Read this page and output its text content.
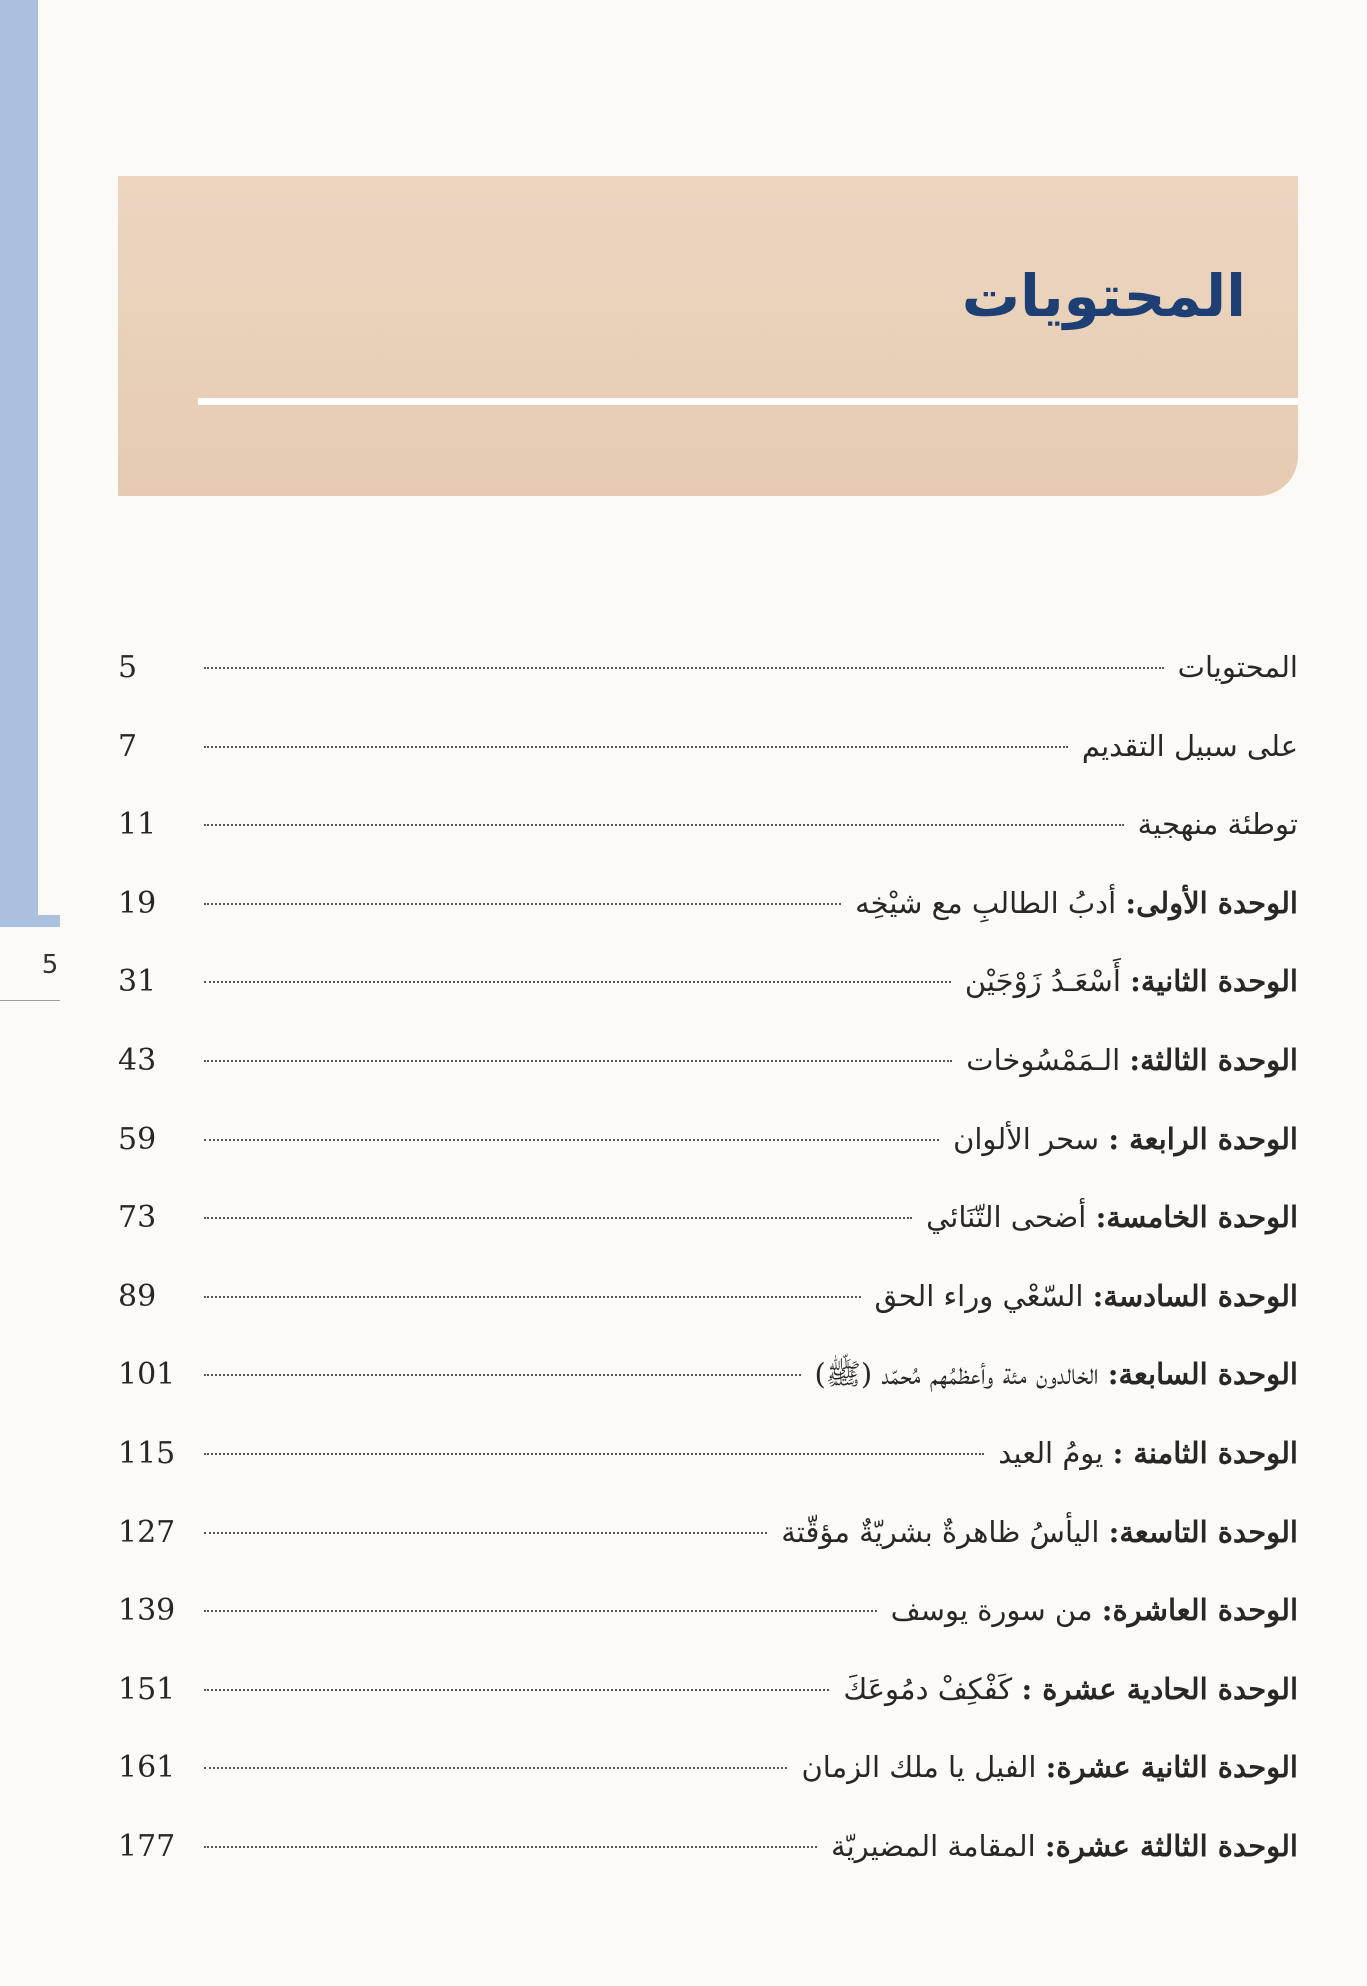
5
المحتويات
المحتويات
5
على سبيل التقديم
7
توطئة منهجية
11
الوحدة الأولى: أدبُ الطالبِ مع شيْخِه
19
الوحدة الثانية: أَسْعَـدُ زَوْجَيْن
31
الوحدة الثالثة: الـمَمْسُوخات
43
الوحدة الرابعة : سحر الألوان
59
الوحدة الخامسة: أضحى التّنَائي
73
الوحدة السادسة: السّعْي وراء الحق
89
الوحدة السابعة: الخالدون مئة وأعظمُهم مُحمّد (ﷺ)
101
الوحدة الثامنة : يومُ العيد
115
الوحدة التاسعة: اليأسُ ظاهرةٌ بشريّةٌ مؤقّتة
127
الوحدة العاشرة: من سورة يوسف
139
الوحدة الحادية عشرة : كَفْكِفْ دمُوعَكَ
151
الوحدة الثانية عشرة: الفيل يا ملك الزمان
161
الوحدة الثالثة عشرة: المقامة المضيريّة
177
